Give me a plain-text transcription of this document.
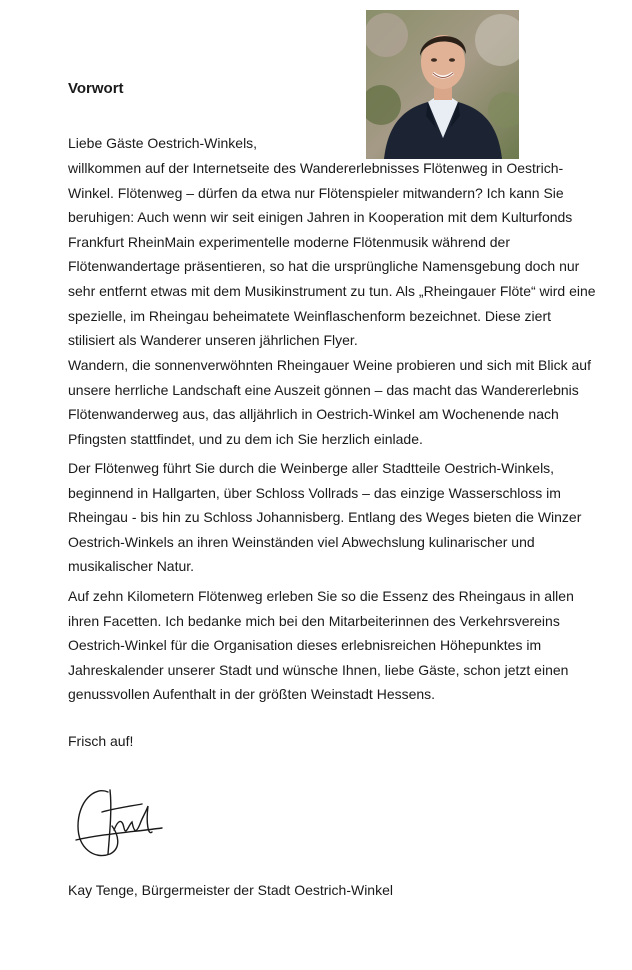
Vorwort

Liebe Gäste Oestrich-Winkels,

willkommen auf der Internetseite des Wandererlebnisses Flötenweg in Oestrich-Winkel. Flötenweg – dürfen da etwa nur Flötenspieler mitwandern? Ich kann Sie beruhigen: Auch wenn wir seit einigen Jahren in Kooperation mit dem Kulturfonds Frankfurt RheinMain experimentelle moderne Flötenmusik während der Flötenwandertage präsentieren, so hat die ursprüngliche Namensgebung doch nur sehr entfernt etwas mit dem Musikinstrument zu tun. Als „Rheingauer Flöte“ wird eine spezielle, im Rheingau beheimatete Weinflaschenform bezeichnet. Diese ziert stilisiert als Wanderer unseren jährlichen Flyer.

Wandern, die sonnenverwöhnten Rheingauer Weine probieren und sich mit Blick auf unsere herrliche Landschaft eine Auszeit gönnen – das macht das Wandererlebnis Flötenwanderweg aus, das alljährlich in Oestrich-Winkel am Wochenende nach Pfingsten stattfindet, und zu dem ich Sie herzlich einlade.

Der Flötenweg führt Sie durch die Weinberge aller Stadtteile Oestrich-Winkels, beginnend in Hallgarten, über Schloss Vollrads – das einzige Wasserschloss im Rheingau - bis hin zu Schloss Johannisberg. Entlang des Weges bieten die Winzer Oestrich-Winkels an ihren Weinständen viel Abwechslung kulinarischer und musikalischer Natur.

Auf zehn Kilometern Flötenweg erleben Sie so die Essenz des Rheingaus in allen ihren Facetten. Ich bedanke mich bei den Mitarbeiterinnen des Verkehrsvereins Oestrich-Winkel für die Organisation dieses erlebnisreichen Höhepunktes im Jahreskalender unserer Stadt und wünsche Ihnen, liebe Gäste, schon jetzt einen genussvollen Aufenthalt in der größten Weinstadt Hessens.

Frisch auf!

Kay Tenge, Bürgermeister der Stadt Oestrich-Winkel
